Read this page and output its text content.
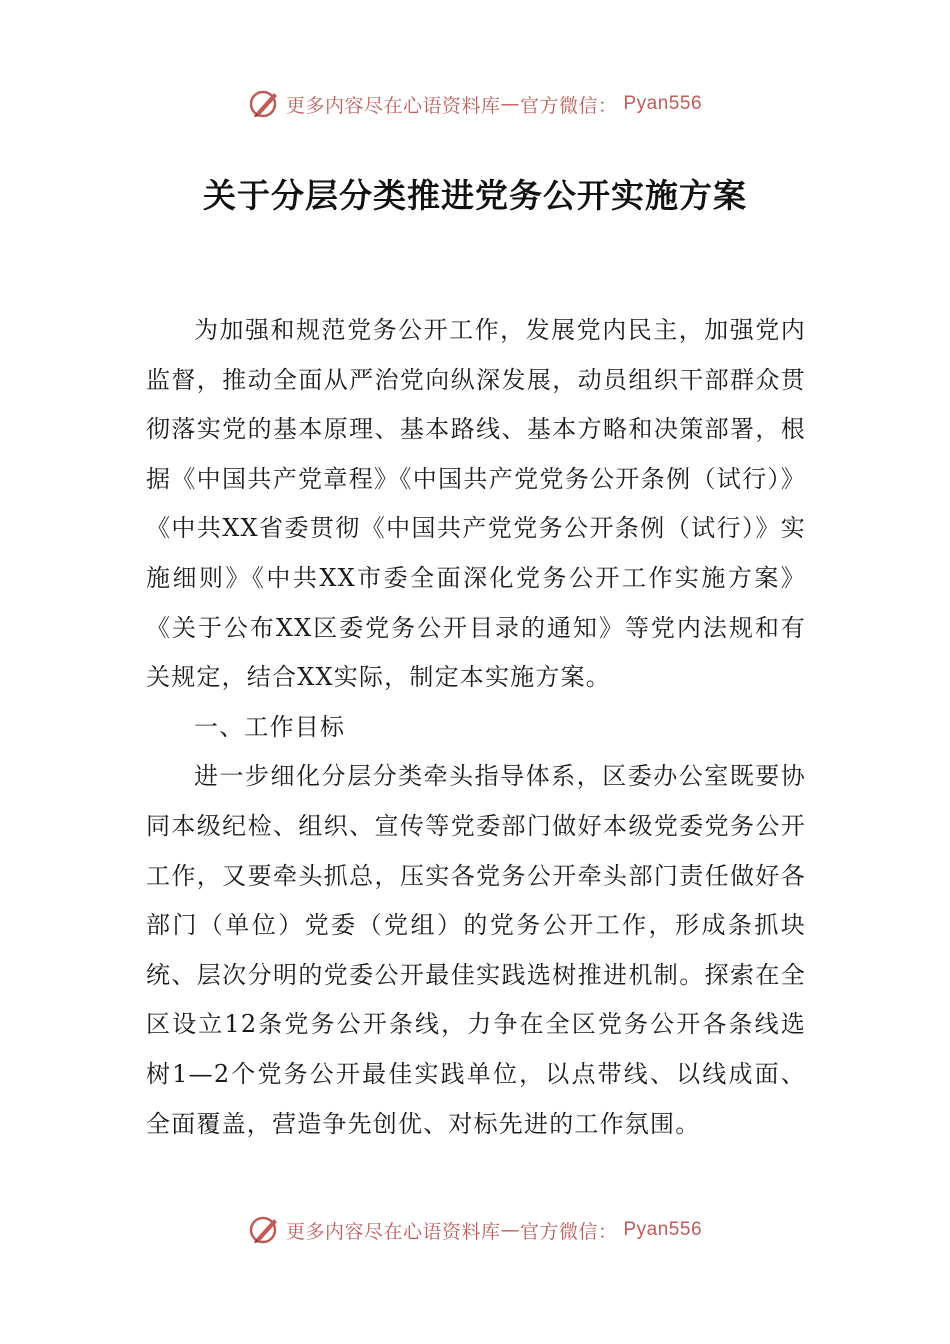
更多内容尽在心语资料库 — 官方微信： Pyan556
关于分层分类推进党务公开实施方案

为加强和规范党务公开工作，发展党内民主，加强党内监督，推动全面从严治党向纵深发展，动员组织干部群众贯彻落实党的基本原理、基本路线、基本方略和决策部署，根据《中国共产党章程》《中国共产党党务公开条例（试行）》《中共XX省委贯彻《中国共产党党务公开条例（试行）》实施细则》《中共XX市委全面深化党务公开工作实施方案》《关于公布XX区委党务公开目录的通知》等党内法规和有关规定，结合XX实际，制定本实施方案。

一、工作目标

进一步细化分层分类牵头指导体系，区委办公室既要协同本级纪检、组织、宣传等党委部门做好本级党委党务公开工作，又要牵头抓总，压实各党务公开牵头部门责任做好各部门（单位）党委（党组）的党务公开工作，形成条抓块统、层次分明的党委公开最佳实践选树推进机制。探索在全区设立12条党务公开条线，力争在全区党务公开各条线选树1—2个党务公开最佳实践单位，以点带线、以线成面、全面覆盖，营造争先创优、对标先进的工作氛围。

更多内容尽在心语资料库 — 官方微信： Pyan556
